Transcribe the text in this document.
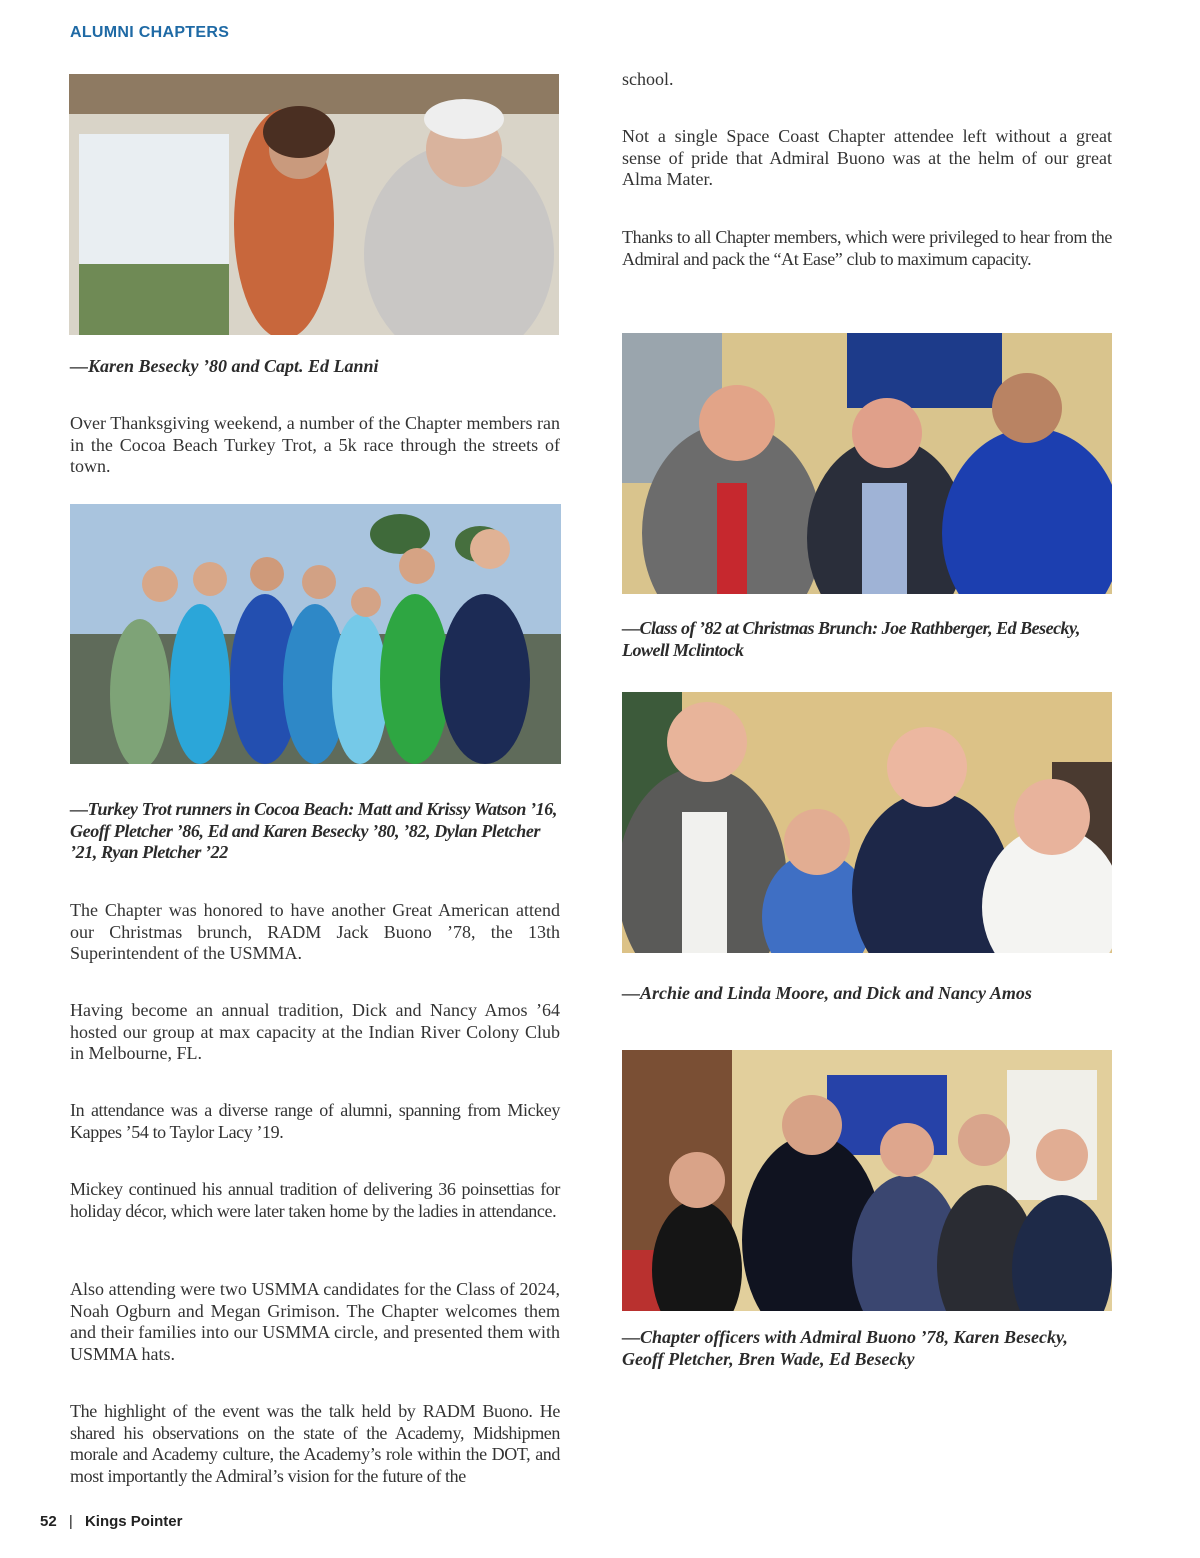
ALUMNI CHAPTERS

—Karen Besecky ’80 and Capt. Ed Lanni

Over Thanksgiving weekend, a number of the Chapter members ran in the Cocoa Beach Turkey Trot, a 5k race through the streets of town.

—Turkey Trot runners in Cocoa Beach: Matt and Krissy Watson ’16, Geoff Pletcher ’86, Ed and Karen Besecky ’80, ’82, Dylan Pletcher ’21, Ryan Pletcher ’22

The Chapter was honored to have another Great American attend our Christmas brunch, RADM Jack Buono ’78, the 13th Superintendent of the USMMA.

Having become an annual tradition, Dick and Nancy Amos ’64 hosted our group at max capacity at the Indian River Colony Club in Melbourne, FL.

In attendance was a diverse range of alumni, spanning from Mickey Kappes ’54 to Taylor Lacy ’19.

Mickey continued his annual tradition of delivering 36 poinsettias for holiday décor, which were later taken home by the ladies in attendance.

Also attending were two USMMA candidates for the Class of 2024, Noah Ogburn and Megan Grimison. The Chapter welcomes them and their families into our USMMA circle, and presented them with USMMA hats.

The highlight of the event was the talk held by RADM Buono. He shared his observations on the state of the Academy, Midshipmen morale and Academy culture, the Academy’s role within the DOT, and most importantly the Admiral’s vision for the future of the

school.

Not a single Space Coast Chapter attendee left without a great sense of pride that Admiral Buono was at the helm of our great Alma Mater.

Thanks to all Chapter members, which were privileged to hear from the Admiral and pack the “At Ease” club to maximum capacity.

—Class of ’82 at Christmas Brunch: Joe Rathberger, Ed Besecky, Lowell Mclintock

—Archie and Linda Moore, and Dick and Nancy Amos

—Chapter officers with Admiral Buono ’78, Karen Besecky, Geoff Pletcher, Bren Wade, Ed Besecky

52 | Kings Pointer
